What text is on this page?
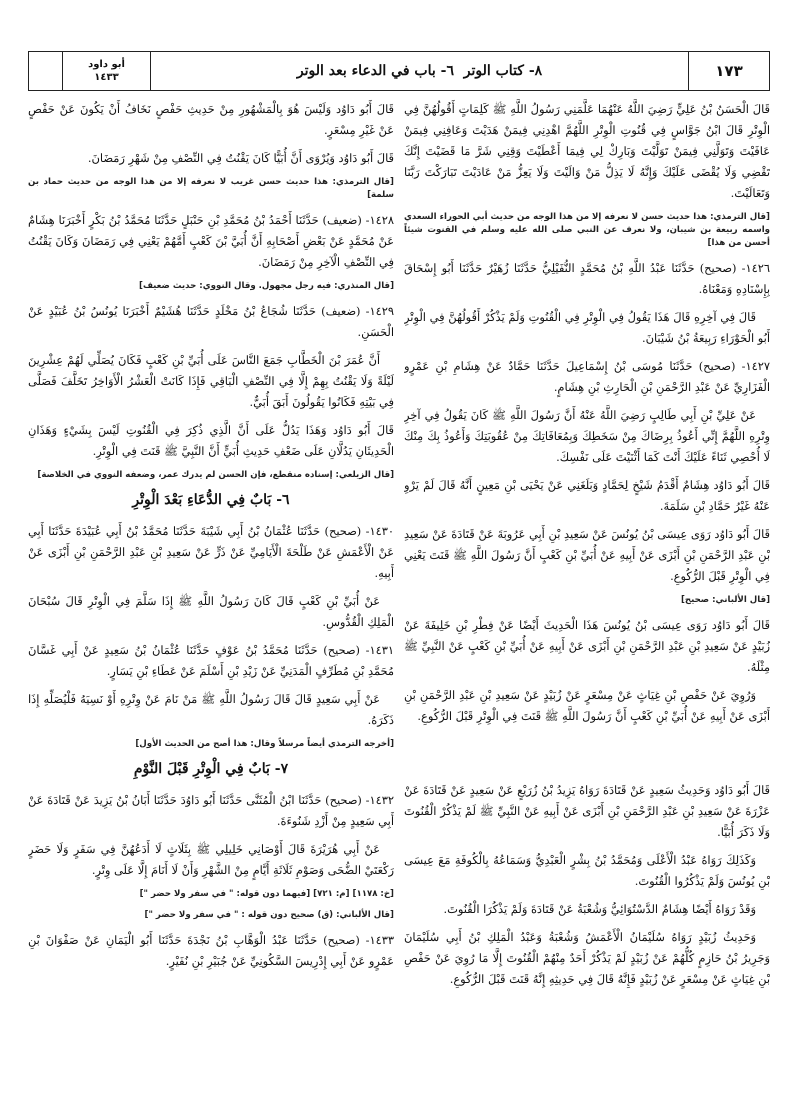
أبو داود
١٤٣٣	٨- كتاب الوتر

٦- باب في الدعاء بعد الوتر	١٧٣

قَالَ أَبُو دَاوُد وَلَيْسَ هُوَ بِالْمَشْهُورِ مِنْ حَدِيثِ حَفْصٍ نَخَافُ أَنْ يَكُونَ عَنْ حَفْصٍ عَنْ غَيْرِ مِسْعَرٍ.

قَالَ أَبُو دَاوُد وَيُرْوَى أَنَّ أُبَيًّا كَانَ يَقْنُتُ فِي النِّصْفِ مِنْ شَهْرِ رَمَضَانَ.

[قال الترمذي: هذا حديث حسن غريب لا نعرفه إلا من هذا الوجه من حديث حماد بن سلمة]

١٤٢٨- (ضعيف) حَدَّثَنَا أَحْمَدُ بْنُ مُحَمَّدِ بْنِ حَنْبَلٍ حَدَّثَنَا مُحَمَّدُ بْنُ بَكْرٍ أَخْبَرَنَا هِشَامٌ عَنْ مُحَمَّدٍ عَنْ بَعْضِ أَصْحَابِهِ أَنَّ أُبَيَّ بْنَ كَعْبٍ أَمَّهُمْ يَعْنِي فِي رَمَضَانَ وَكَانَ يَقْنُتُ فِي النِّصْفِ الْآخِرِ مِنْ رَمَضَانَ.

[قال المنذري: فيه رجل مجهول. وقال النووي: حديث ضعيف]

١٤٢٩- (ضعيف) حَدَّثَنَا شُجَاعُ بْنُ مَخْلَدٍ حَدَّثَنَا هُشَيْمٌ أَخْبَرَنَا يُونُسُ بْنُ عُبَيْدٍ عَنْ الْحَسَنِ.

أَنَّ عُمَرَ بْنَ الْخَطَّابِ جَمَعَ النَّاسَ عَلَى أُبَيِّ بْنِ كَعْبٍ فَكَانَ يُصَلِّي لَهُمْ عِشْرِينَ لَيْلَةً وَلَا يَقْنُتُ بِهِمْ إِلَّا فِي النِّصْفِ الْبَاقِي فَإِذَا كَانَتْ الْعَشْرُ الْأَوَاخِرُ تَخَلَّفَ فَصَلَّى فِي بَيْتِهِ فَكَانُوا يَقُولُونَ أَبَقَ أُبَيٌّ.

قَالَ أَبُو دَاوُد وَهَذَا يَدُلُّ عَلَى أَنَّ الَّذِي ذُكِرَ فِي الْقُنُوتِ لَيْسَ بِشَيْءٍ وَهَذَانِ الْحَدِيثَانِ يَدُلَّانِ عَلَى ضَعْفِ حَدِيثِ أُبَيٍّ أَنَّ النَّبِيَّ ﷺ قَنَتَ فِي الْوِتْرِ.

[قال الزيلعي: إسناده منقطع، فإن الحسن لم يدرك عمر، وضعفه النووي في الخلاصة]

٦- بَابٌ فِي الدُّعَاءِ بَعْدَ الْوِتْرِ

١٤٣٠- (صحيح) حَدَّثَنَا عُثْمَانُ بْنُ أَبِي شَيْبَةَ حَدَّثَنَا مُحَمَّدُ بْنُ أَبِي عُبَيْدَةَ حَدَّثَنَا أَبِي عَنْ الْأَعْمَشِ عَنْ طَلْحَةَ الْأَيَامِيِّ عَنْ ذَرٍّ عَنْ سَعِيدِ بْنِ عَبْدِ الرَّحْمَنِ بْنِ أَبْزَى عَنْ أَبِيهِ.

عَنْ أُبَيِّ بْنِ كَعْبٍ قَالَ كَانَ رَسُولُ اللَّهِ ﷺ إِذَا سَلَّمَ فِي الْوِتْرِ قَالَ سُبْحَانَ الْمَلِكِ الْقُدُّوسِ.

١٤٣١- (صحيح) حَدَّثَنَا مُحَمَّدُ بْنُ عَوْفٍ حَدَّثَنَا عُثْمَانُ بْنُ سَعِيدٍ عَنْ أَبِي غَسَّانَ مُحَمَّدِ بْنِ مُطَرِّفٍ الْمَدَنِيِّ عَنْ زَيْدِ بْنِ أَسْلَمَ عَنْ عَطَاءِ بْنِ يَسَارٍ.

عَنْ أَبِي سَعِيدٍ قَالَ قَالَ رَسُولُ اللَّهِ ﷺ مَنْ نَامَ عَنْ وِتْرِهِ أَوْ نَسِيَهُ فَلْيُصَلِّهِ إِذَا ذَكَرَهُ.

[أخرجه الترمذي أيضاً مرسلاً وقال: هذا أصح من الحديث الأول]

٧- بَابٌ فِي الْوِتْرِ قَبْلَ النَّوْمِ

١٤٣٢- (صحيح) حَدَّثَنَا ابْنُ الْمُثَنَّى حَدَّثَنَا أَبُو دَاوُدَ حَدَّثَنَا أَبَانُ بْنُ يَزِيدَ عَنْ قَتَادَةَ عَنْ أَبِي سَعِيدٍ مِنْ أَزْدِ شَنُوءَةَ.

عَنْ أَبِي هُرَيْرَةَ قَالَ أَوْصَانِي خَلِيلِي ﷺ بِثَلَاثٍ لَا أَدَعُهُنَّ فِي سَفَرٍ وَلَا حَضَرٍ رَكْعَتَيْ الضُّحَى وَصَوْمِ ثَلَاثَةِ أَيَّامٍ مِنْ الشَّهْرِ وَأَنْ لَا أَنَامَ إِلَّا عَلَى وِتْرٍ.

[خ: ١١٧٨] [م: ٧٢١] [فيهما دون قوله: " في سفر ولا حضر "]

[قال الألباني: (ق) صحيح دون قوله : " في سفر ولا حضر "]

١٤٣٣- (صحيح) حَدَّثَنَا عَبْدُ الْوَهَّابِ بْنُ نَجْدَةَ حَدَّثَنَا أَبُو الْيَمَانِ عَنْ صَفْوَانَ بْنِ عَمْرٍو عَنْ أَبِي إِدْرِيسَ السَّكُونِيِّ عَنْ جُبَيْرِ بْنِ نُفَيْرٍ.

قَالَ الْحَسَنُ بْنُ عَلِيٍّ رَضِيَ اللَّهُ عَنْهُمَا عَلَّمَنِي رَسُولُ اللَّهِ ﷺ كَلِمَاتٍ أَقُولُهُنَّ فِي الْوِتْرِ قَالَ ابْنُ جَوَّاسٍ فِي قُنُوتِ الْوِتْرِ اللَّهُمَّ اهْدِنِي فِيمَنْ هَدَيْتَ وَعَافِنِي فِيمَنْ عَافَيْتَ وَتَوَلَّنِي فِيمَنْ تَوَلَّيْتَ وَبَارِكْ لِي فِيمَا أَعْطَيْتَ وَقِنِي شَرَّ مَا قَضَيْتَ إِنَّكَ تَقْضِي وَلَا يُقْضَى عَلَيْكَ وَإِنَّهُ لَا يَذِلُّ مَنْ وَالَيْتَ وَلَا يَعِزُّ مَنْ عَادَيْتَ تَبَارَكْتَ رَبَّنَا وَتَعَالَيْتَ.

[قال الترمذي: هذا حديث حسن لا نعرفه إلا من هذا الوجه من حديث أبي الحوراء السعدي واسمه ربيعة بن شيبان، ولا نعرف عن النبي صلى الله عليه وسلم في القنوت شيئاً أحسن من هذا]

١٤٢٦- (صحيح) حَدَّثَنَا عَبْدُ اللَّهِ بْنُ مُحَمَّدٍ النُّفَيْلِيُّ حَدَّثَنَا زُهَيْرٌ حَدَّثَنَا أَبُو إِسْحَاقَ بِإِسْنَادِهِ وَمَعْنَاهُ.

قَالَ فِي آخِرِهِ قَالَ هَذَا يَقُولُ فِي الْوِتْرِ فِي الْقُنُوتِ وَلَمْ يَذْكُرْ أَقُولُهُنَّ فِي الْوِتْرِ أَبُو الْحَوْرَاءِ رَبِيعَةُ بْنُ شَيْبَانَ.

١٤٢٧- (صحيح) حَدَّثَنَا مُوسَى بْنُ إِسْمَاعِيلَ حَدَّثَنَا حَمَّادٌ عَنْ هِشَامِ بْنِ عَمْرٍو الْفَزَارِيِّ عَنْ عَبْدِ الرَّحْمَنِ بْنِ الْحَارِثِ بْنِ هِشَامٍ.

عَنْ عَلِيِّ بْنِ أَبِي طَالِبٍ رَضِيَ اللَّهُ عَنْهُ أَنَّ رَسُولَ اللَّهِ ﷺ كَانَ يَقُولُ فِي آخِرِ وِتْرِهِ اللَّهُمَّ إِنِّي أَعُوذُ بِرِضَاكَ مِنْ سَخَطِكَ وَبِمُعَافَاتِكَ مِنْ عُقُوبَتِكَ وَأَعُوذُ بِكَ مِنْكَ لَا أُحْصِي ثَنَاءً عَلَيْكَ أَنْتَ كَمَا أَثْنَيْتَ عَلَى نَفْسِكَ.

قَالَ أَبُو دَاوُد هِشَامٌ أَقْدَمُ شَيْخٍ لِحَمَّادٍ وَبَلَغَنِي عَنْ يَحْيَى بْنِ مَعِينٍ أَنَّهُ قَالَ لَمْ يَرْوِ عَنْهُ غَيْرُ حَمَّادِ بْنِ سَلَمَةَ.

قَالَ أَبُو دَاوُد رَوَى عِيسَى بْنُ يُونُسَ عَنْ سَعِيدِ بْنِ أَبِي عَرُوبَةَ عَنْ قَتَادَةَ عَنْ سَعِيدِ بْنِ عَبْدِ الرَّحْمَنِ بْنِ أَبْزَى عَنْ أَبِيهِ عَنْ أُبَيِّ بْنِ كَعْبٍ أَنَّ رَسُولَ اللَّهِ ﷺ قَنَتَ يَعْنِي فِي الْوِتْرِ قَبْلَ الرُّكُوعِ.

[قال الألباني: صحيح]

قَالَ أَبُو دَاوُد رَوَى عِيسَى بْنُ يُونُسَ هَذَا الْحَدِيثَ أَيْضًا عَنْ فِطْرِ بْنِ خَلِيفَةَ عَنْ زُبَيْدٍ عَنْ سَعِيدِ بْنِ عَبْدِ الرَّحْمَنِ بْنِ أَبْزَى عَنْ أَبِيهِ عَنْ أُبَيِّ بْنِ كَعْبٍ عَنْ النَّبِيِّ ﷺ مِثْلَهُ.

وَرُوِيَ عَنْ حَفْصِ بْنِ غِيَاثٍ عَنْ مِسْعَرٍ عَنْ زُبَيْدٍ عَنْ سَعِيدِ بْنِ عَبْدِ الرَّحْمَنِ بْنِ أَبْزَى عَنْ أَبِيهِ عَنْ أُبَيِّ بْنِ كَعْبٍ أَنَّ رَسُولَ اللَّهِ ﷺ قَنَتَ فِي الْوِتْرِ قَبْلَ الرُّكُوعِ.

قَالَ أَبُو دَاوُد وَحَدِيثُ سَعِيدٍ عَنْ قَتَادَةَ رَوَاهُ يَزِيدُ بْنُ زُرَيْعٍ عَنْ سَعِيدٍ عَنْ قَتَادَةَ عَنْ عَزْرَةَ عَنْ سَعِيدِ بْنِ عَبْدِ الرَّحْمَنِ بْنِ أَبْزَى عَنْ أَبِيهِ عَنْ النَّبِيِّ ﷺ لَمْ يَذْكُرْ الْقُنُوتَ وَلَا ذَكَرَ أُبَيًّا.

وَكَذَلِكَ رَوَاهُ عَبْدُ الْأَعْلَى وَمُحَمَّدُ بْنُ بِشْرٍ الْعَبْدِيُّ وَسَمَاعُهُ بِالْكُوفَةِ مَعَ عِيسَى بْنِ يُونُسَ وَلَمْ يَذْكُرُوا الْقُنُوتَ.

وَقَدْ رَوَاهُ أَيْضًا هِشَامٌ الدَّسْتُوَائِيُّ وَشُعْبَةُ عَنْ قَتَادَةَ وَلَمْ يَذْكُرَا الْقُنُوتَ.

وَحَدِيثُ زُبَيْدٍ رَوَاهُ سُلَيْمَانُ الْأَعْمَشُ وَشُعْبَةُ وَعَبْدُ الْمَلِكِ بْنُ أَبِي سُلَيْمَانَ وَجَرِيرُ بْنُ حَازِمٍ كُلُّهُمْ عَنْ زُبَيْدٍ لَمْ يَذْكُرْ أَحَدٌ مِنْهُمْ الْقُنُوتَ إِلَّا مَا رُوِيَ عَنْ حَفْصِ بْنِ غِيَاثٍ عَنْ مِسْعَرٍ عَنْ زُبَيْدٍ فَإِنَّهُ قَالَ فِي حَدِيثِهِ إِنَّهُ قَنَتَ قَبْلَ الرُّكُوعِ.
